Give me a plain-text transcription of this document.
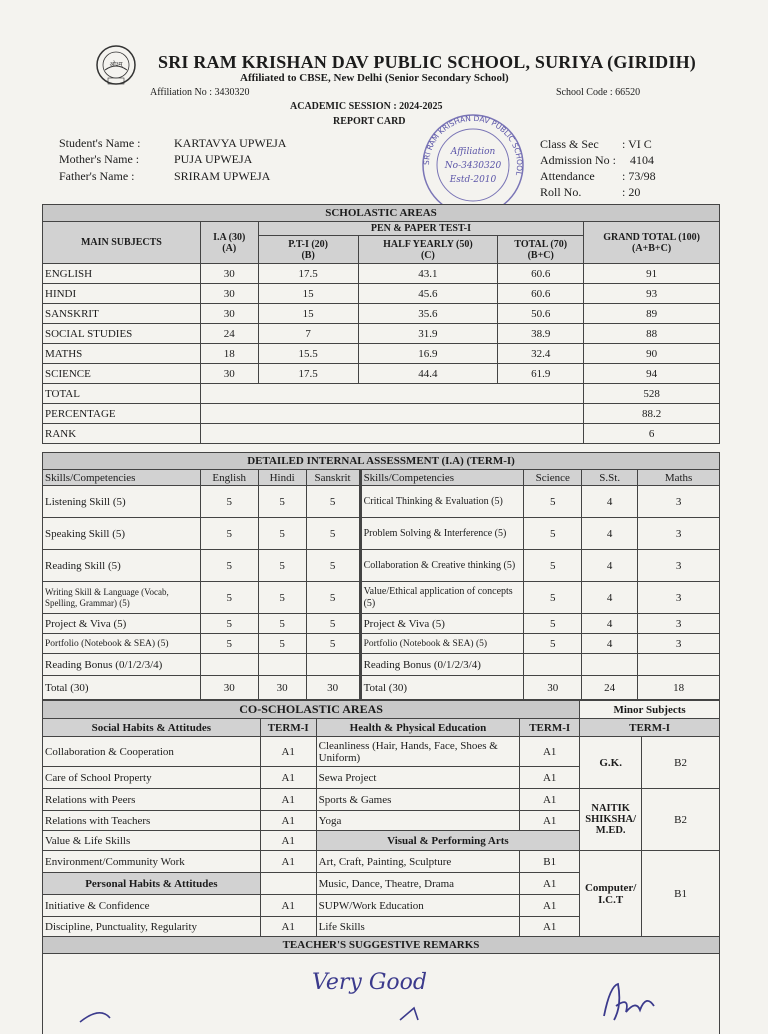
ओ३म् SRI RAM KRISHAN DAV PUBLIC SCHOOL, SURIYA (GIRIDIH)
Affiliated to CBSE, New Delhi (Senior Secondary School)
Affiliation No : 3430320	School Code : 66520
ACADEMIC SESSION : 2024-2025
REPORT CARD
Student's Name :	KARTAVYA UPWEJA
Mother's Name :	PUJA UPWEJA
Father's Name :	SRIRAM UPWEJA
Class & Sec : VI C
Admission No : 4104
Attendance : 73/98
Roll No.	: 20
SRI RAM KRISHAN DAV PUBLIC SCHOOL
Affiliation
No-3430320
Estd-2010
SCHOLASTIC AREAS					
MAIN SUBJECTS	I.A (30)
(A)	PEN & PAPER TEST-I			GRAND TOTAL (100)
(A+B+C)
		P.T-I (20)
(B)	HALF YEARLY (50)
(C)	TOTAL (70)
(B+C)	
ENGLISH	30	17.5	43.1	60.6	91
HINDI	30	15	45.6	60.6	93
SANSKRIT	30	15	35.6	50.6	89
SOCIAL STUDIES	24	7	31.9	38.9	88
MATHS	18	15.5	16.9	32.4	90
SCIENCE	30	17.5	44.4	61.9	94
TOTAL					528
PERCENTAGE					88.2
RANK					6
DETAILED INTERNAL ASSESSMENT (I.A) (TERM-I)							
Skills/Competencies	English	Hindi	Sanskrit	Skills/Competencies	Science	S.St.	Maths
Listening Skill (5)	5	5	5	Critical Thinking & Evaluation (5)	5	4	3
Speaking Skill (5)	5	5	5	Problem Solving & Interference (5)	5	4	3
Reading Skill (5)	5	5	5	Collaboration & Creative thinking (5)	5	4	3
Writing Skill & Language (Vocab, Spelling, Grammar) (5)	5	5	5	Value/Ethical application of concepts (5)	5	4	3
Project & Viva (5)	5	5	5	Project & Viva (5)	5	4	3
Portfolio (Notebook & SEA) (5)	5	5	5	Portfolio (Notebook & SEA) (5)	5	4	3
Reading Bonus (0/1/2/3/4)				Reading Bonus (0/1/2/3/4)			
Total (30)	30	30	30	Total (30)	30	24	18
CO-SCHOLASTIC AREAS				Minor Subjects	
Social Habits & Attitudes	TERM-I	Health & Physical Education	TERM-I	TERM-I	
Collaboration & Cooperation	A1	Cleanliness (Hair, Hands, Face, Shoes & Uniform)	A1	G.K.	B2
Care of School Property	A1	Sewa Project	A1		
Relations with Peers	A1	Sports & Games	A1	NAITIK SHIKSHA/ M.ED.	B2
Relations with Teachers	A1	Yoga	A1		
Value & Life Skills	A1	Visual & Performing Arts			
Environment/Community Work	A1	Art, Craft, Painting, Sculpture	B1	Computer/ I.C.T	B1
Personal Habits & Attitudes		Music, Dance, Theatre, Drama	A1		
Initiative & Confidence	A1	SUPW/Work Education	A1		
Discipline, Punctuality, Regularity	A1	Life Skills	A1		
TEACHER'S SUGGESTIVE REMARKS					

Very Good
